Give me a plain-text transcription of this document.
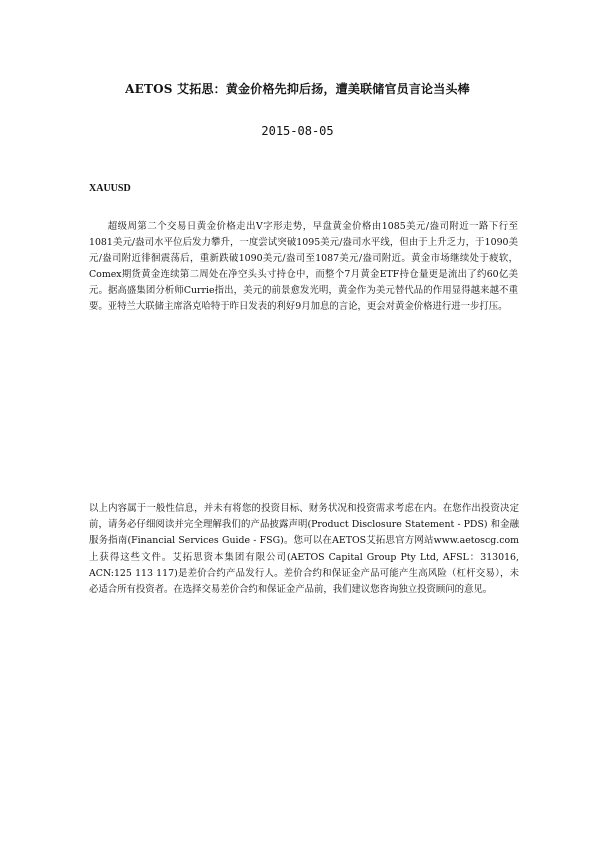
AETOS 艾拓思：黄金价格先抑后扬，遭美联储官员言论当头棒
2015-08-05
XAUUSD

超级周第二个交易日黄金价格走出V字形走势，早盘黄金价格由1085美元/盎司附近一路下行至1081美元/盎司水平位后发力攀升，一度尝试突破1095美元/盎司水平线，但由于上升乏力，于1090美元/盎司附近徘徊震荡后，重新跌破1090美元/盎司至1087美元/盎司附近。黄金市场继续处于疲软，Comex期货黄金连续第二周处在净空头头寸持仓中，而整个7月黄金ETF持仓量更是流出了约60亿美元。据高盛集团分析师Currie指出，美元的前景愈发光明，黄金作为美元替代品的作用显得越来越不重要。亚特兰大联储主席洛克哈特于昨日发表的利好9月加息的言论，更会对黄金价格进行进一步打压。

以上内容属于一般性信息，并未有将您的投资目标、财务状况和投资需求考虑在内。在您作出投资决定前，请务必仔细阅读并完全理解我们的产品披露声明(Product Disclosure Statement - PDS) 和金融服务指南(Financial Services Guide - FSG)。您可以在AETOS艾拓思官方网站www.aetoscg.com上获得这些文件。艾拓思资本集团有限公司(AETOS Capital Group Pty Ltd, AFSL：313016, ACN:125 113 117)是差价合约产品发行人。差价合约和保证金产品可能产生高风险（杠杆交易），未必适合所有投资者。在选择交易差价合约和保证金产品前，我们建议您咨询独立投资顾问的意见。
